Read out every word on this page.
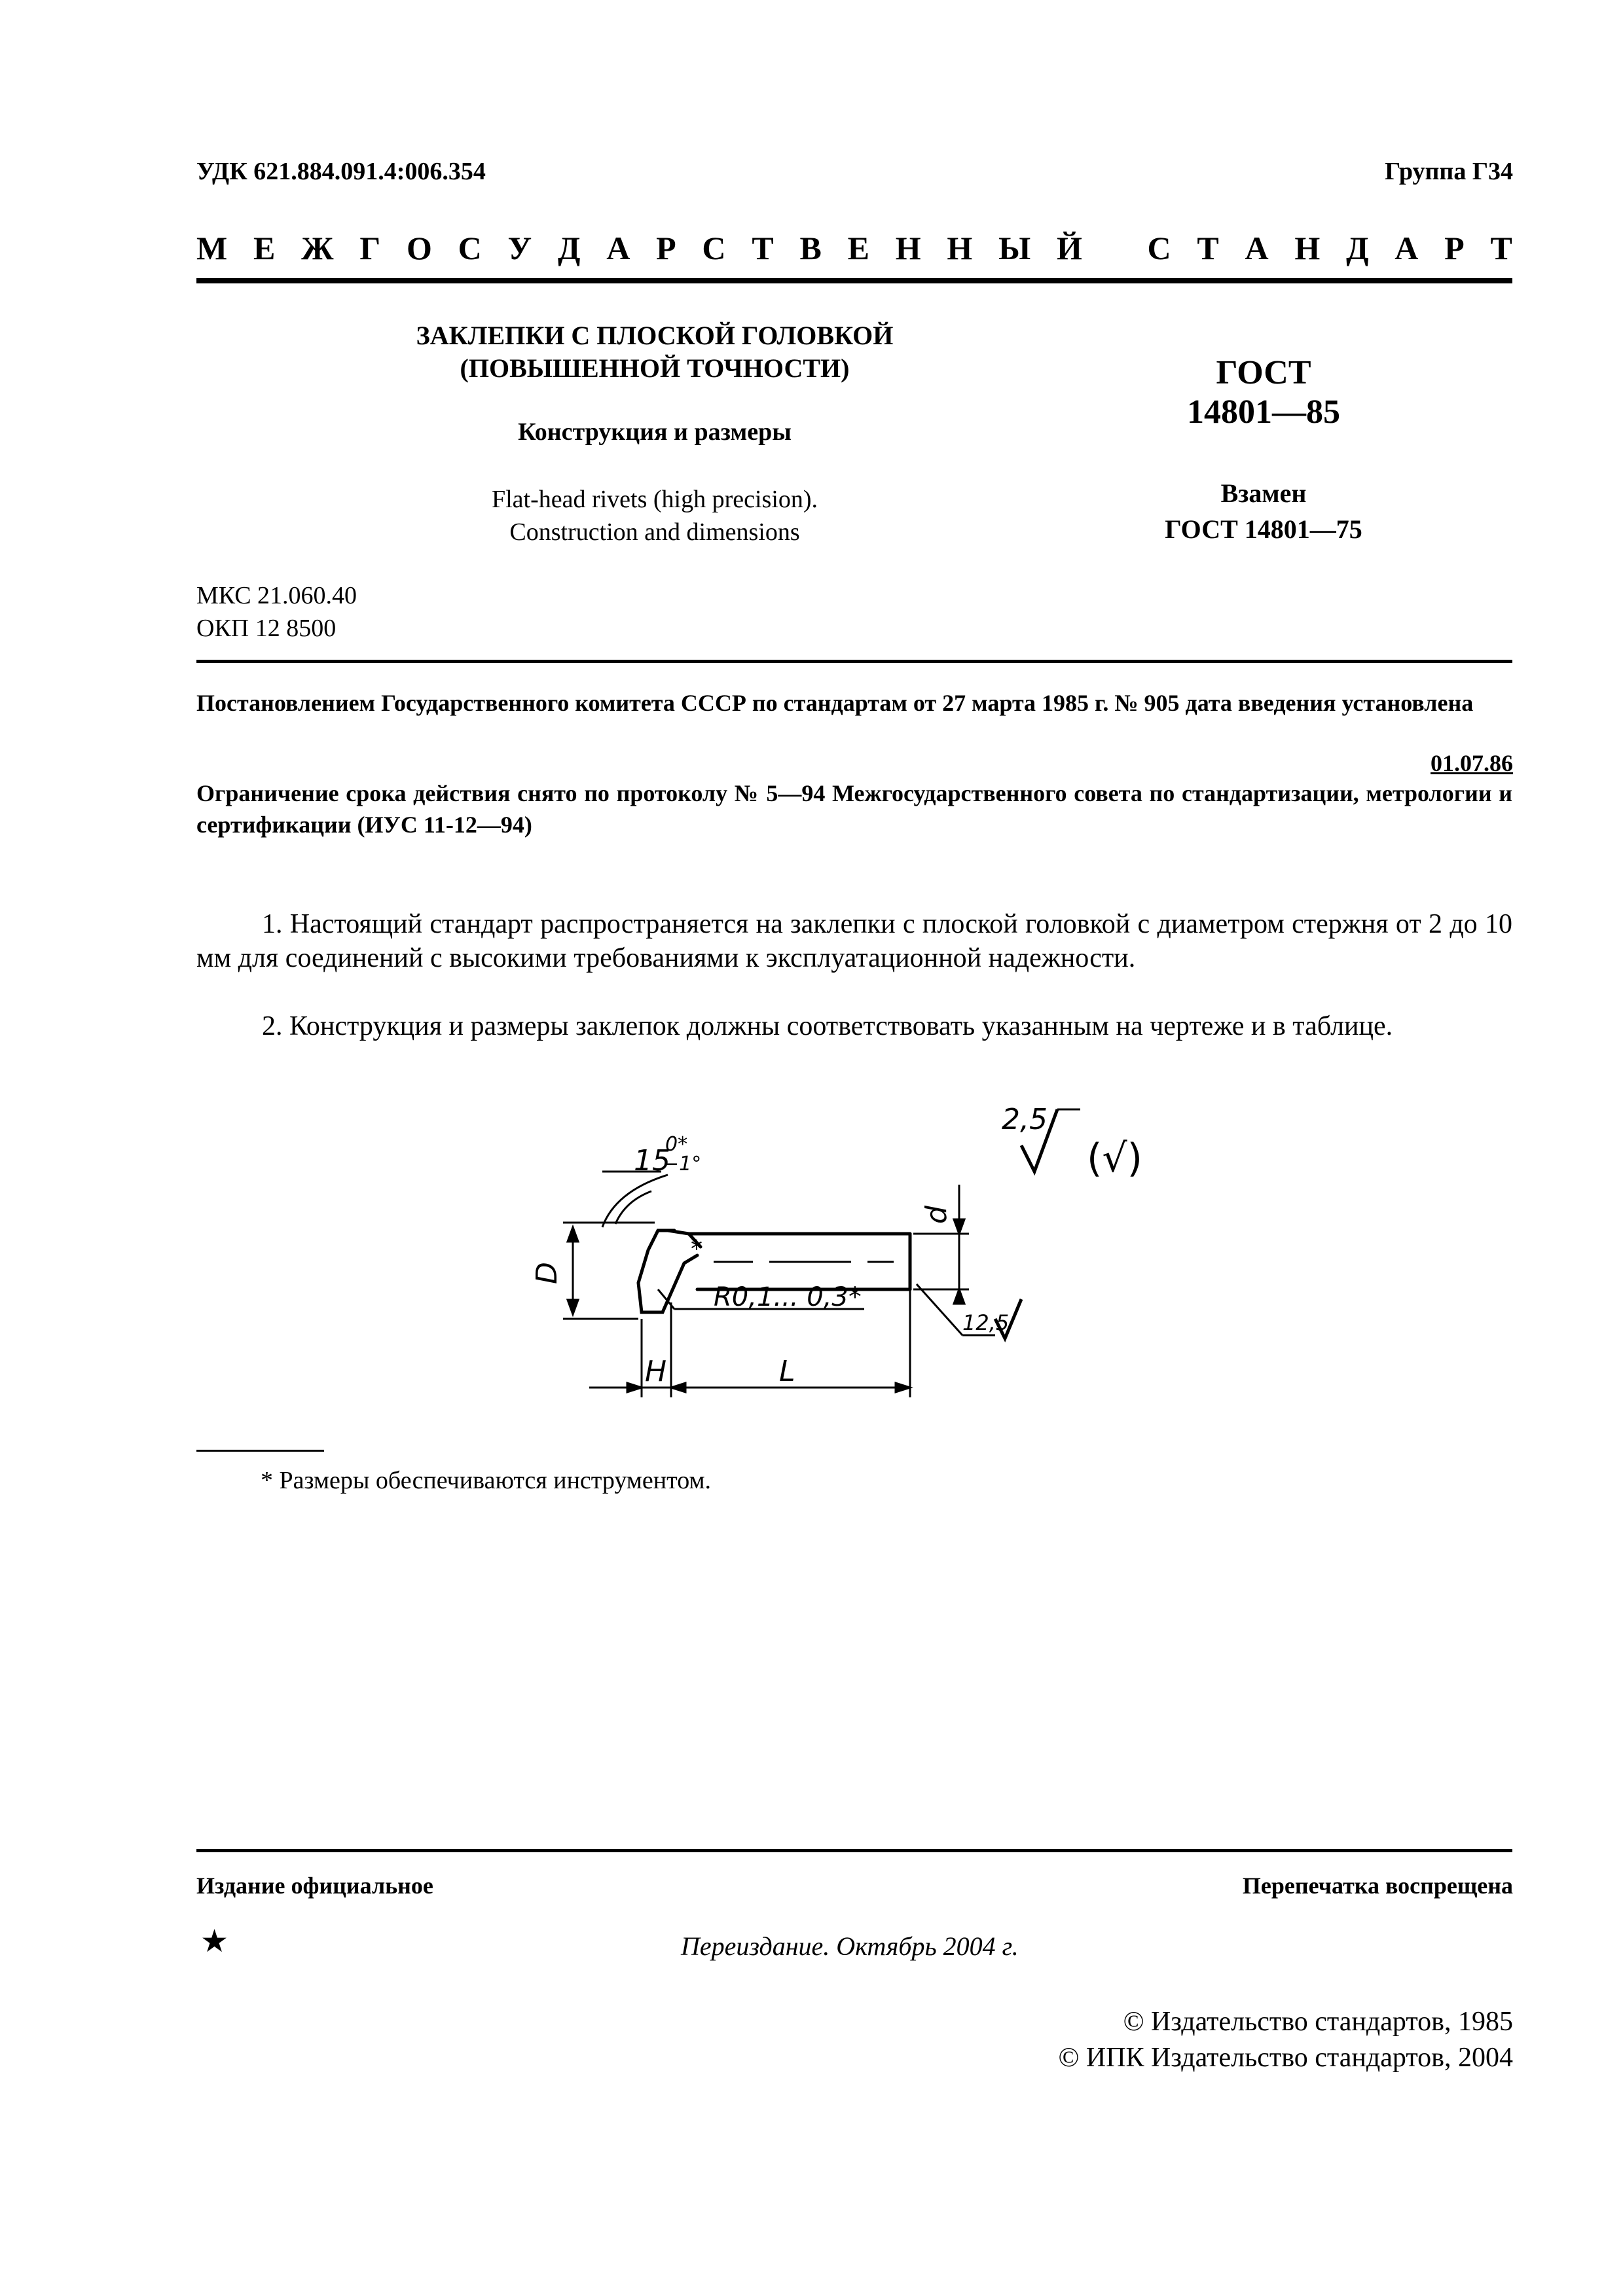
УДК 621.884.091.4:006.354	Группа Г34
М Е Ж Г О С У Д А Р С Т В Е Н Н Ы Й С Т А Н Д А Р Т
ЗАКЛЕПКИ С ПЛОСКОЙ ГОЛОВКОЙ
(ПОВЫШЕННОЙ ТОЧНОСТИ)
Конструкция и размеры
Flat-head rivets (high precision).
Construction and dimensions
ГОСТ
14801—85
Взамен
ГОСТ 14801—75
МКС 21.060.40
ОКП 12 8500
Постановлением Государственного комитета СССР по стандартам от 27 марта 1985 г. № 905 дата введения установлена
01.07.86
Ограничение срока действия снято по протоколу № 5—94 Межгосударственного совета по стандартизации, метрологии и сертификации (ИУС 11-12—94)
1. Настоящий стандарт распространяется на заклепки с плоской головкой с диаметром стержня от 2 до 10 мм для соединений с высокими требованиями к эксплуатационной надежности.
2. Конструкция и размеры заклепок должны соответствовать указанным на чертеже и в таблице.
15
0*
−1°
D
d
H	L
R0,1... 0,3*
*
2,5
(√)
12,5
* Размеры обеспечиваются инструментом.
Издание официальное	Перепечатка воспрещена
★	Переиздание. Октябрь 2004 г.
© Издательство стандартов, 1985
© ИПК Издательство стандартов, 2004
